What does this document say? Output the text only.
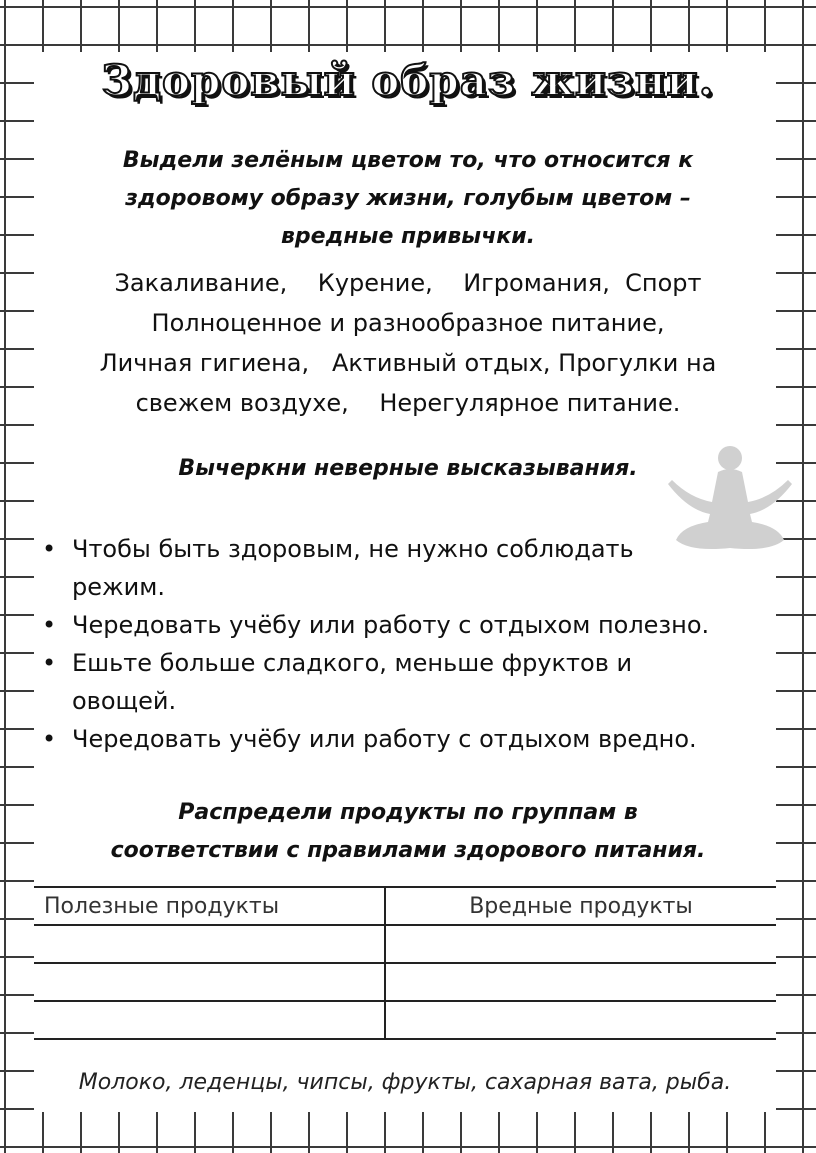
Здоровый образ жизни.
Выдели зелёным цветом то, что относится к
здоровому образу жизни, голубым цветом –
вредные привычки.
Закаливание,    Курение,    Игромания,  Спорт
Полноценное и разнообразное питание,
Личная гигиена,   Активный отдых, Прогулки на
свежем воздухе,    Нерегулярное питание.
Вычеркни неверные высказывания.
• Чтобы быть здоровым, не нужно соблюдать режим.
• Чередовать учёбу или работу с отдыхом полезно.
• Ешьте больше сладкого, меньше фруктов и овощей.
• Чередовать учёбу или работу с отдыхом вредно.
Распредели продукты по группам в
соответствии с правилами здорового питания.
Полезные продукты	Вредные продукты

Молоко, леденцы, чипсы, фрукты, сахарная вата, рыба.
